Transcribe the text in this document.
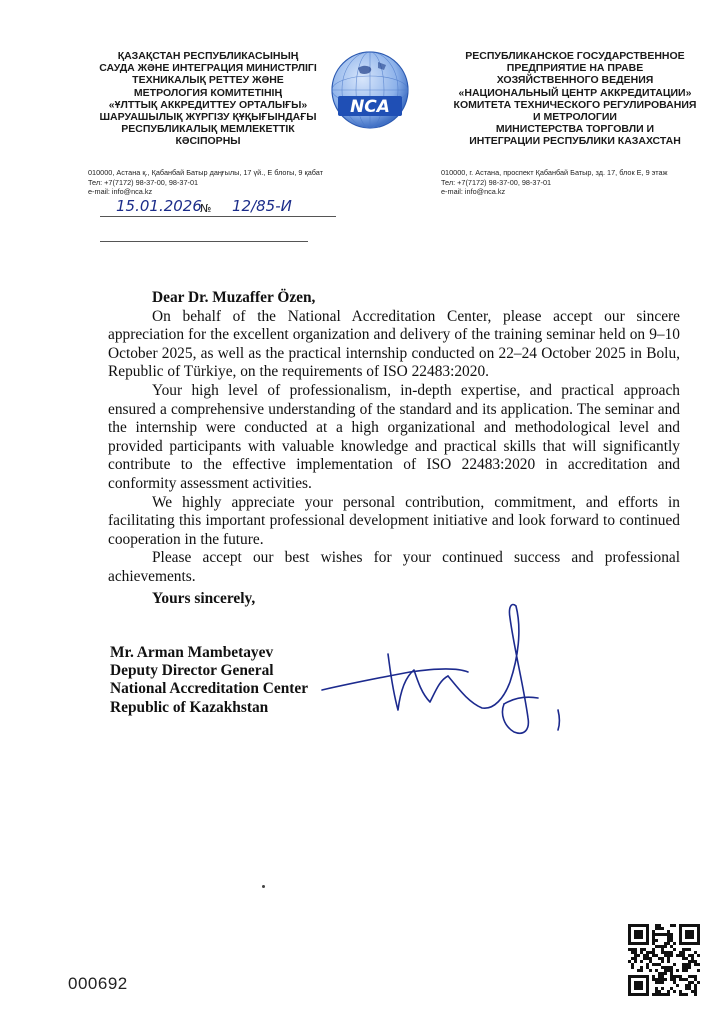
ҚАЗАҚСТАН РЕСПУБЛИКАСЫНЫҢ
САУДА ЖӘНЕ ИНТЕГРАЦИЯ МИНИСТРЛІГІ
ТЕХНИКАЛЫҚ РЕТТЕУ ЖӘНЕ
МЕТРОЛОГИЯ КОМИТЕТІНІҢ
«ҰЛТТЫҚ АККРЕДИТТЕУ ОРТАЛЫҒЫ»
ШАРУАШЫЛЫҚ ЖҮРГІЗУ ҚҰҚЫҒЫНДАҒЫ
РЕСПУБЛИКАЛЫҚ МЕМЛЕКЕТТІК
КӘСІПОРНЫ
NCA
РЕСПУБЛИКАНСКОЕ ГОСУДАРСТВЕННОЕ
ПРЕДПРИЯТИЕ НА ПРАВЕ
ХОЗЯЙСТВЕННОГО ВЕДЕНИЯ
«НАЦИОНАЛЬНЫЙ ЦЕНТР АККРЕДИТАЦИИ»
КОМИТЕТА ТЕХНИЧЕСКОГО РЕГУЛИРОВАНИЯ
И МЕТРОЛОГИИ
МИНИСТЕРСТВА ТОРГОВЛИ И
ИНТЕГРАЦИИ РЕСПУБЛИКИ КАЗАХСТАН
010000, Астана қ., Қабанбай Батыр даңғылы, 17 үй., Е блогы, 9 қабат
Тел: +7(7172) 98-37-00, 98-37-01
e-mail: info@nca.kz
010000, г. Астана, проспект Қабанбай Батыр, зд. 17, блок Е, 9 этаж
Тел: +7(7172) 98-37-00, 98-37-01
e-mail: info@nca.kz
15.01.2026
№ 12/85-И
Dear Dr. Muzaffer Özen,

On behalf of the National Accreditation Center, please accept our sincere appreciation for the excellent organization and delivery of the training seminar held on 9–10 October 2025, as well as the practical internship conducted on 22–24 October 2025 in Bolu, Republic of Türkiye, on the requirements of ISO 22483:2020.

Your high level of professionalism, in-depth expertise, and practical approach ensured a comprehensive understanding of the standard and its application. The seminar and the internship were conducted at a high organizational and methodological level and provided participants with valuable knowledge and practical skills that will significantly contribute to the effective implementation of ISO 22483:2020 in accreditation and conformity assessment activities.

We highly appreciate your personal contribution, commitment, and efforts in facilitating this important professional development initiative and look forward to continued cooperation in the future.

Please accept our best wishes for your continued success and professional achievements.

Yours sincerely,
Mr. Arman Mambetayev
Deputy Director General
National Accreditation Center
Republic of Kazakhstan
000692
